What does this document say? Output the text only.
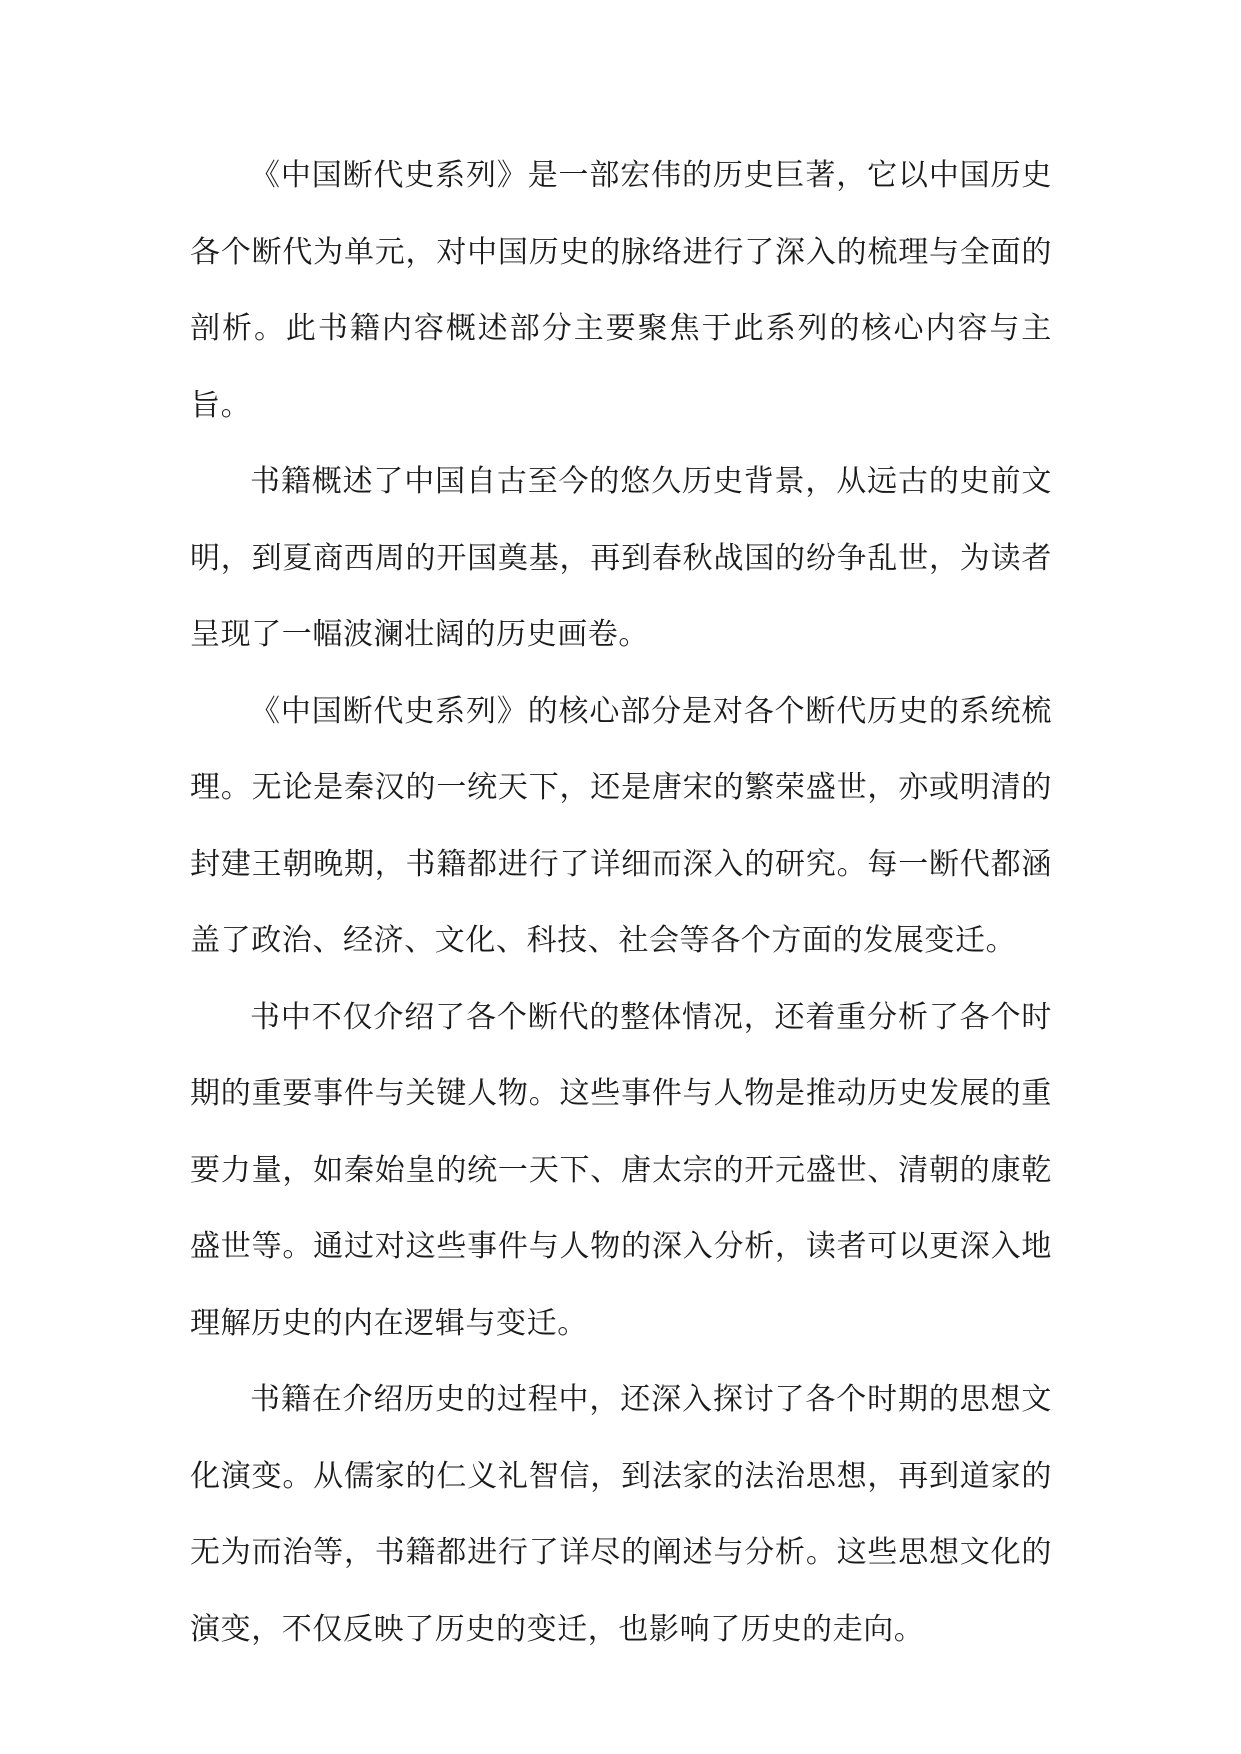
《中国断代史系列》是一部宏伟的历史巨著，它以中国历史各个断代为单元，对中国历史的脉络进行了深入的梳理与全面的剖析。此书籍内容概述部分主要聚焦于此系列的核心内容与主旨。

书籍概述了中国自古至今的悠久历史背景，从远古的史前文明，到夏商西周的开国奠基，再到春秋战国的纷争乱世，为读者呈现了一幅波澜壮阔的历史画卷。

《中国断代史系列》的核心部分是对各个断代历史的系统梳理。无论是秦汉的一统天下，还是唐宋的繁荣盛世，亦或明清的封建王朝晚期，书籍都进行了详细而深入的研究。每一断代都涵盖了政治、经济、文化、科技、社会等各个方面的发展变迁。

书中不仅介绍了各个断代的整体情况，还着重分析了各个时期的重要事件与关键人物。这些事件与人物是推动历史发展的重要力量，如秦始皇的统一天下、唐太宗的开元盛世、清朝的康乾盛世等。通过对这些事件与人物的深入分析，读者可以更深入地理解历史的内在逻辑与变迁。

书籍在介绍历史的过程中，还深入探讨了各个时期的思想文化演变。从儒家的仁义礼智信，到法家的法治思想，再到道家的无为而治等，书籍都进行了详尽的阐述与分析。这些思想文化的演变，不仅反映了历史的变迁，也影响了历史的走向。
